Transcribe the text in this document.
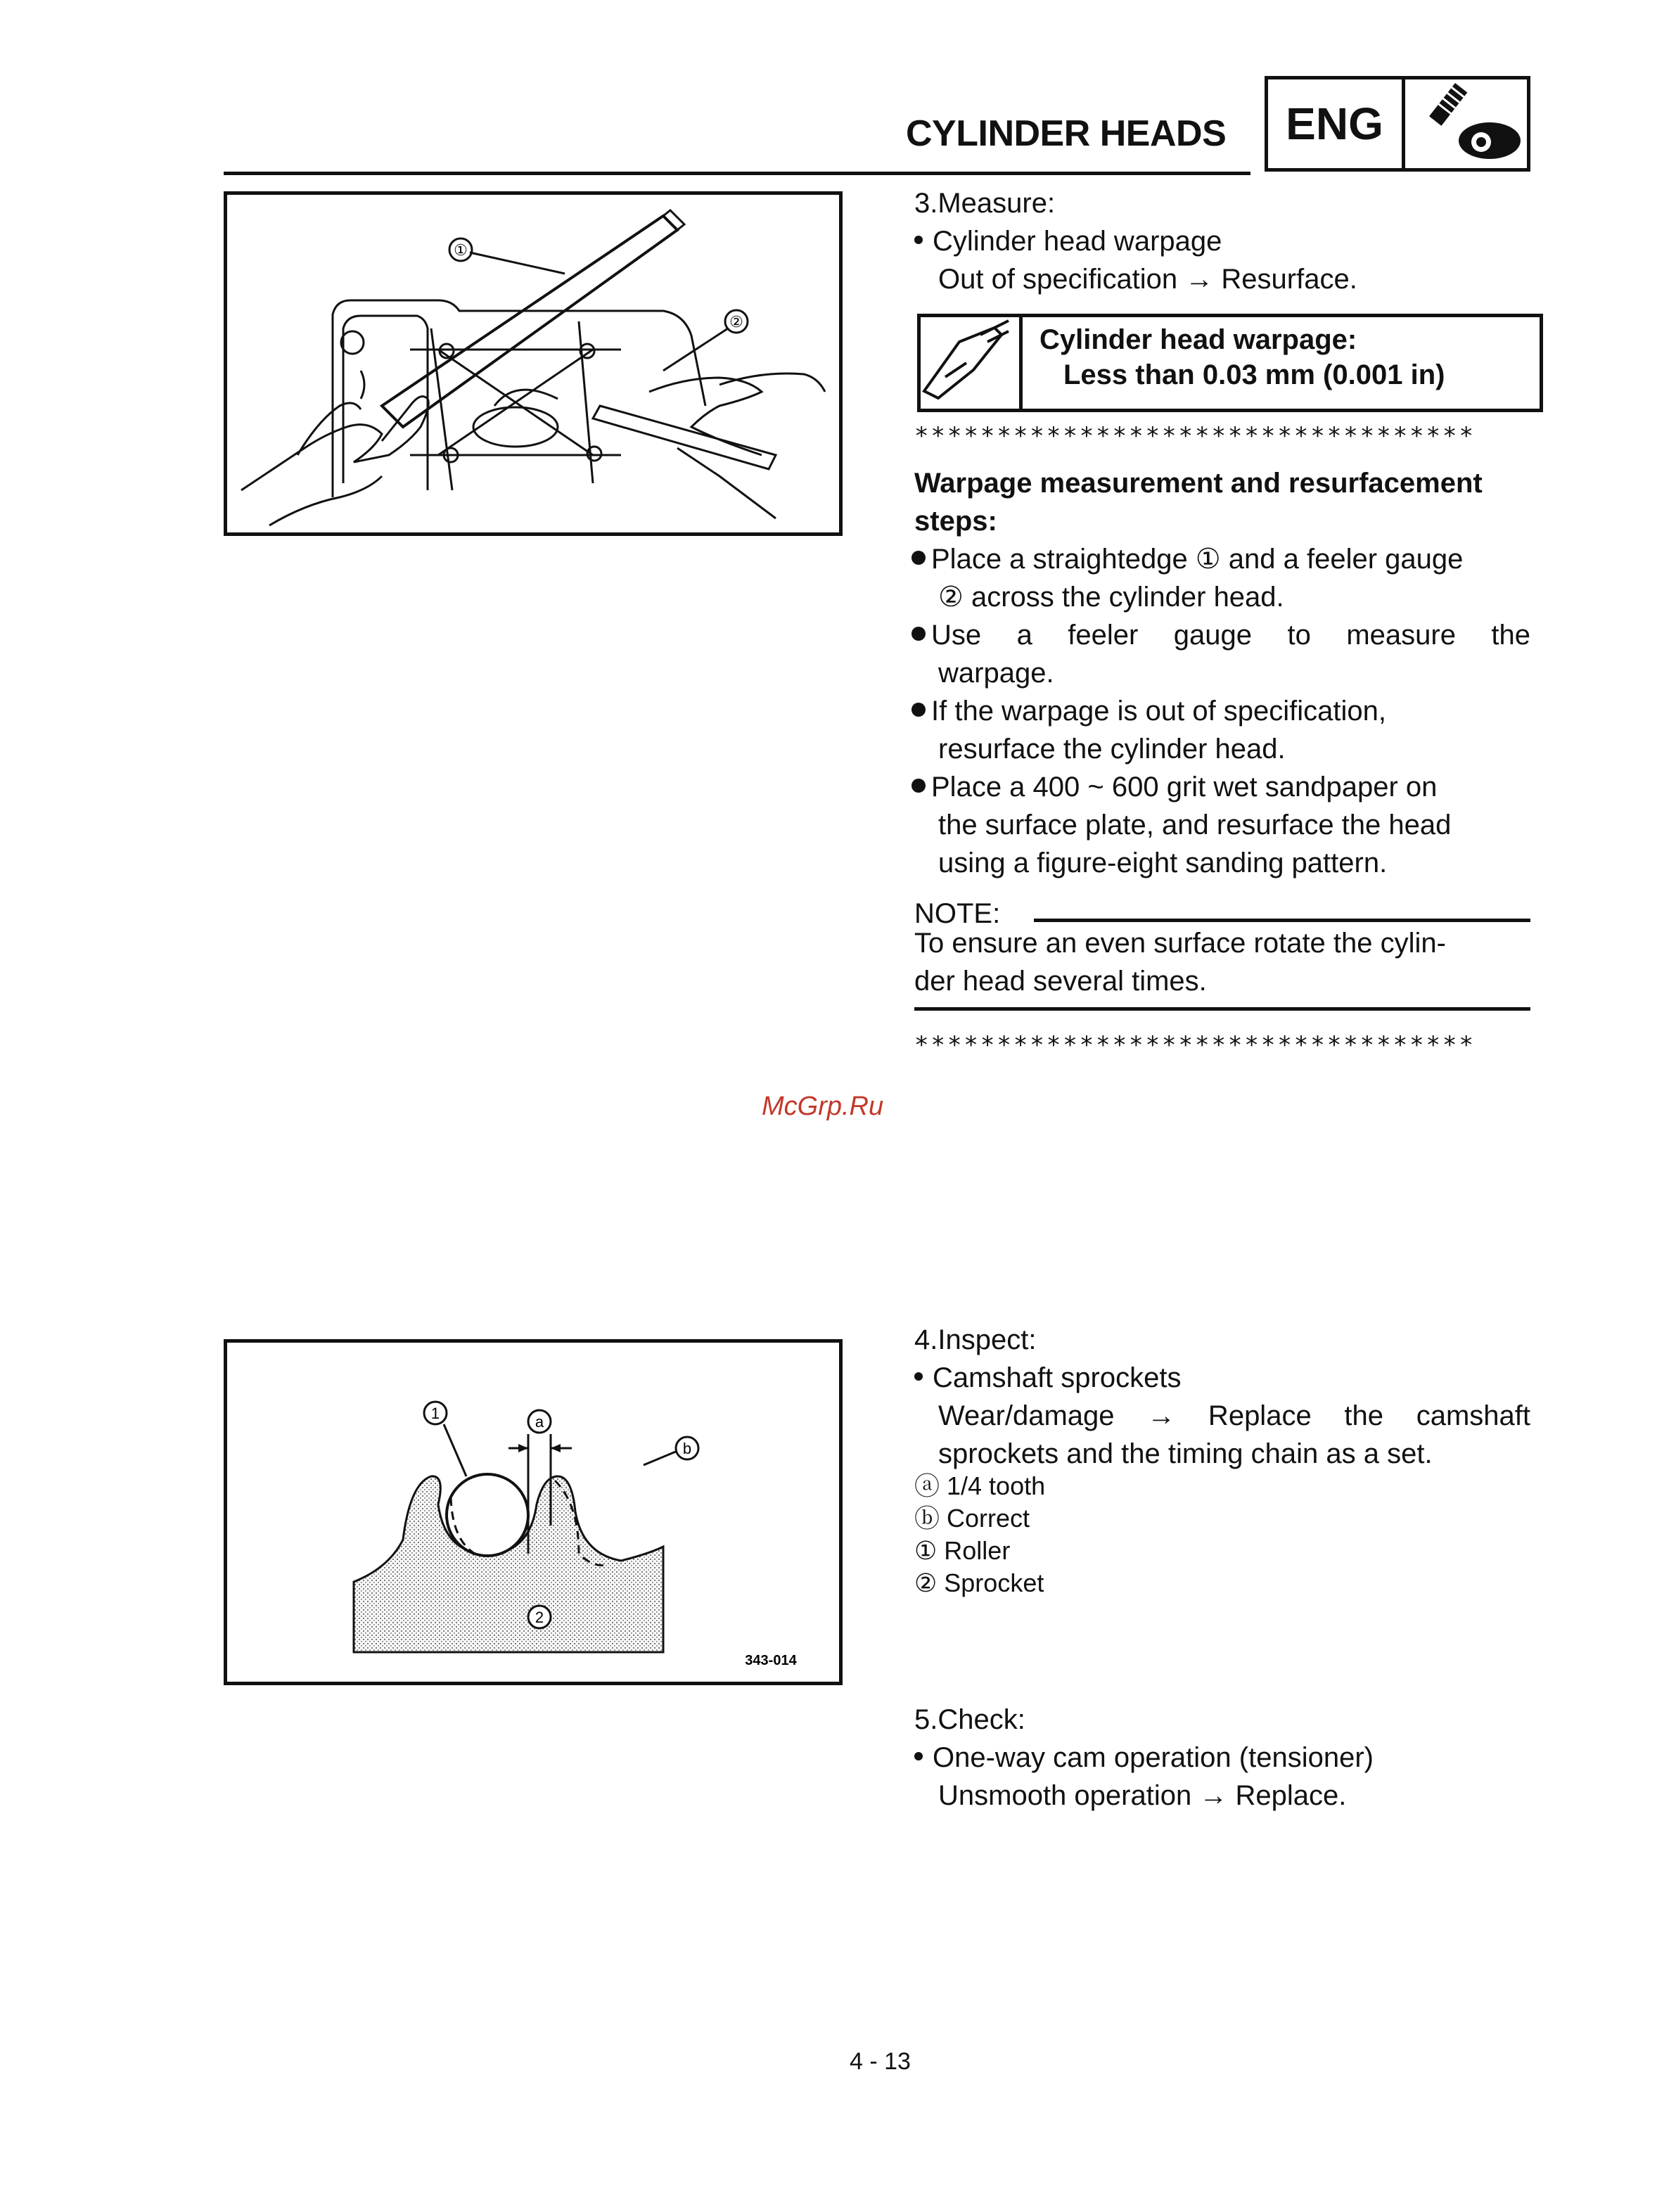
CYLINDER HEADS	ENG
①
②
3.Measure:
Cylinder head warpage
Out of specification → Resurface.
Cylinder head warpage:
Less than 0.03 mm (0.001 in)
**********************************
Warpage measurement and resurfacement
steps:
Place a straightedge ① and a feeler gauge
② across the cylinder head.
Use a feeler gauge to measure the
warpage.
If the warpage is out of specification,
resurface the cylinder head.
Place a 400 ~ 600 grit wet sandpaper on
the surface plate, and resurface the head
using a figure-eight sanding pattern.
NOTE:
To ensure an even surface rotate the cylin-
der head several times.
**********************************
McGrp.Ru
1	a
b
2
343-014
4.Inspect:
Camshaft sprockets
Wear/damage → Replace the camshaft
sprockets and the timing chain as a set.
ⓐ 1/4 tooth
ⓑ Correct
① Roller
② Sprocket
5.Check:
One-way cam operation (tensioner)
Unsmooth operation → Replace.
4 - 13
